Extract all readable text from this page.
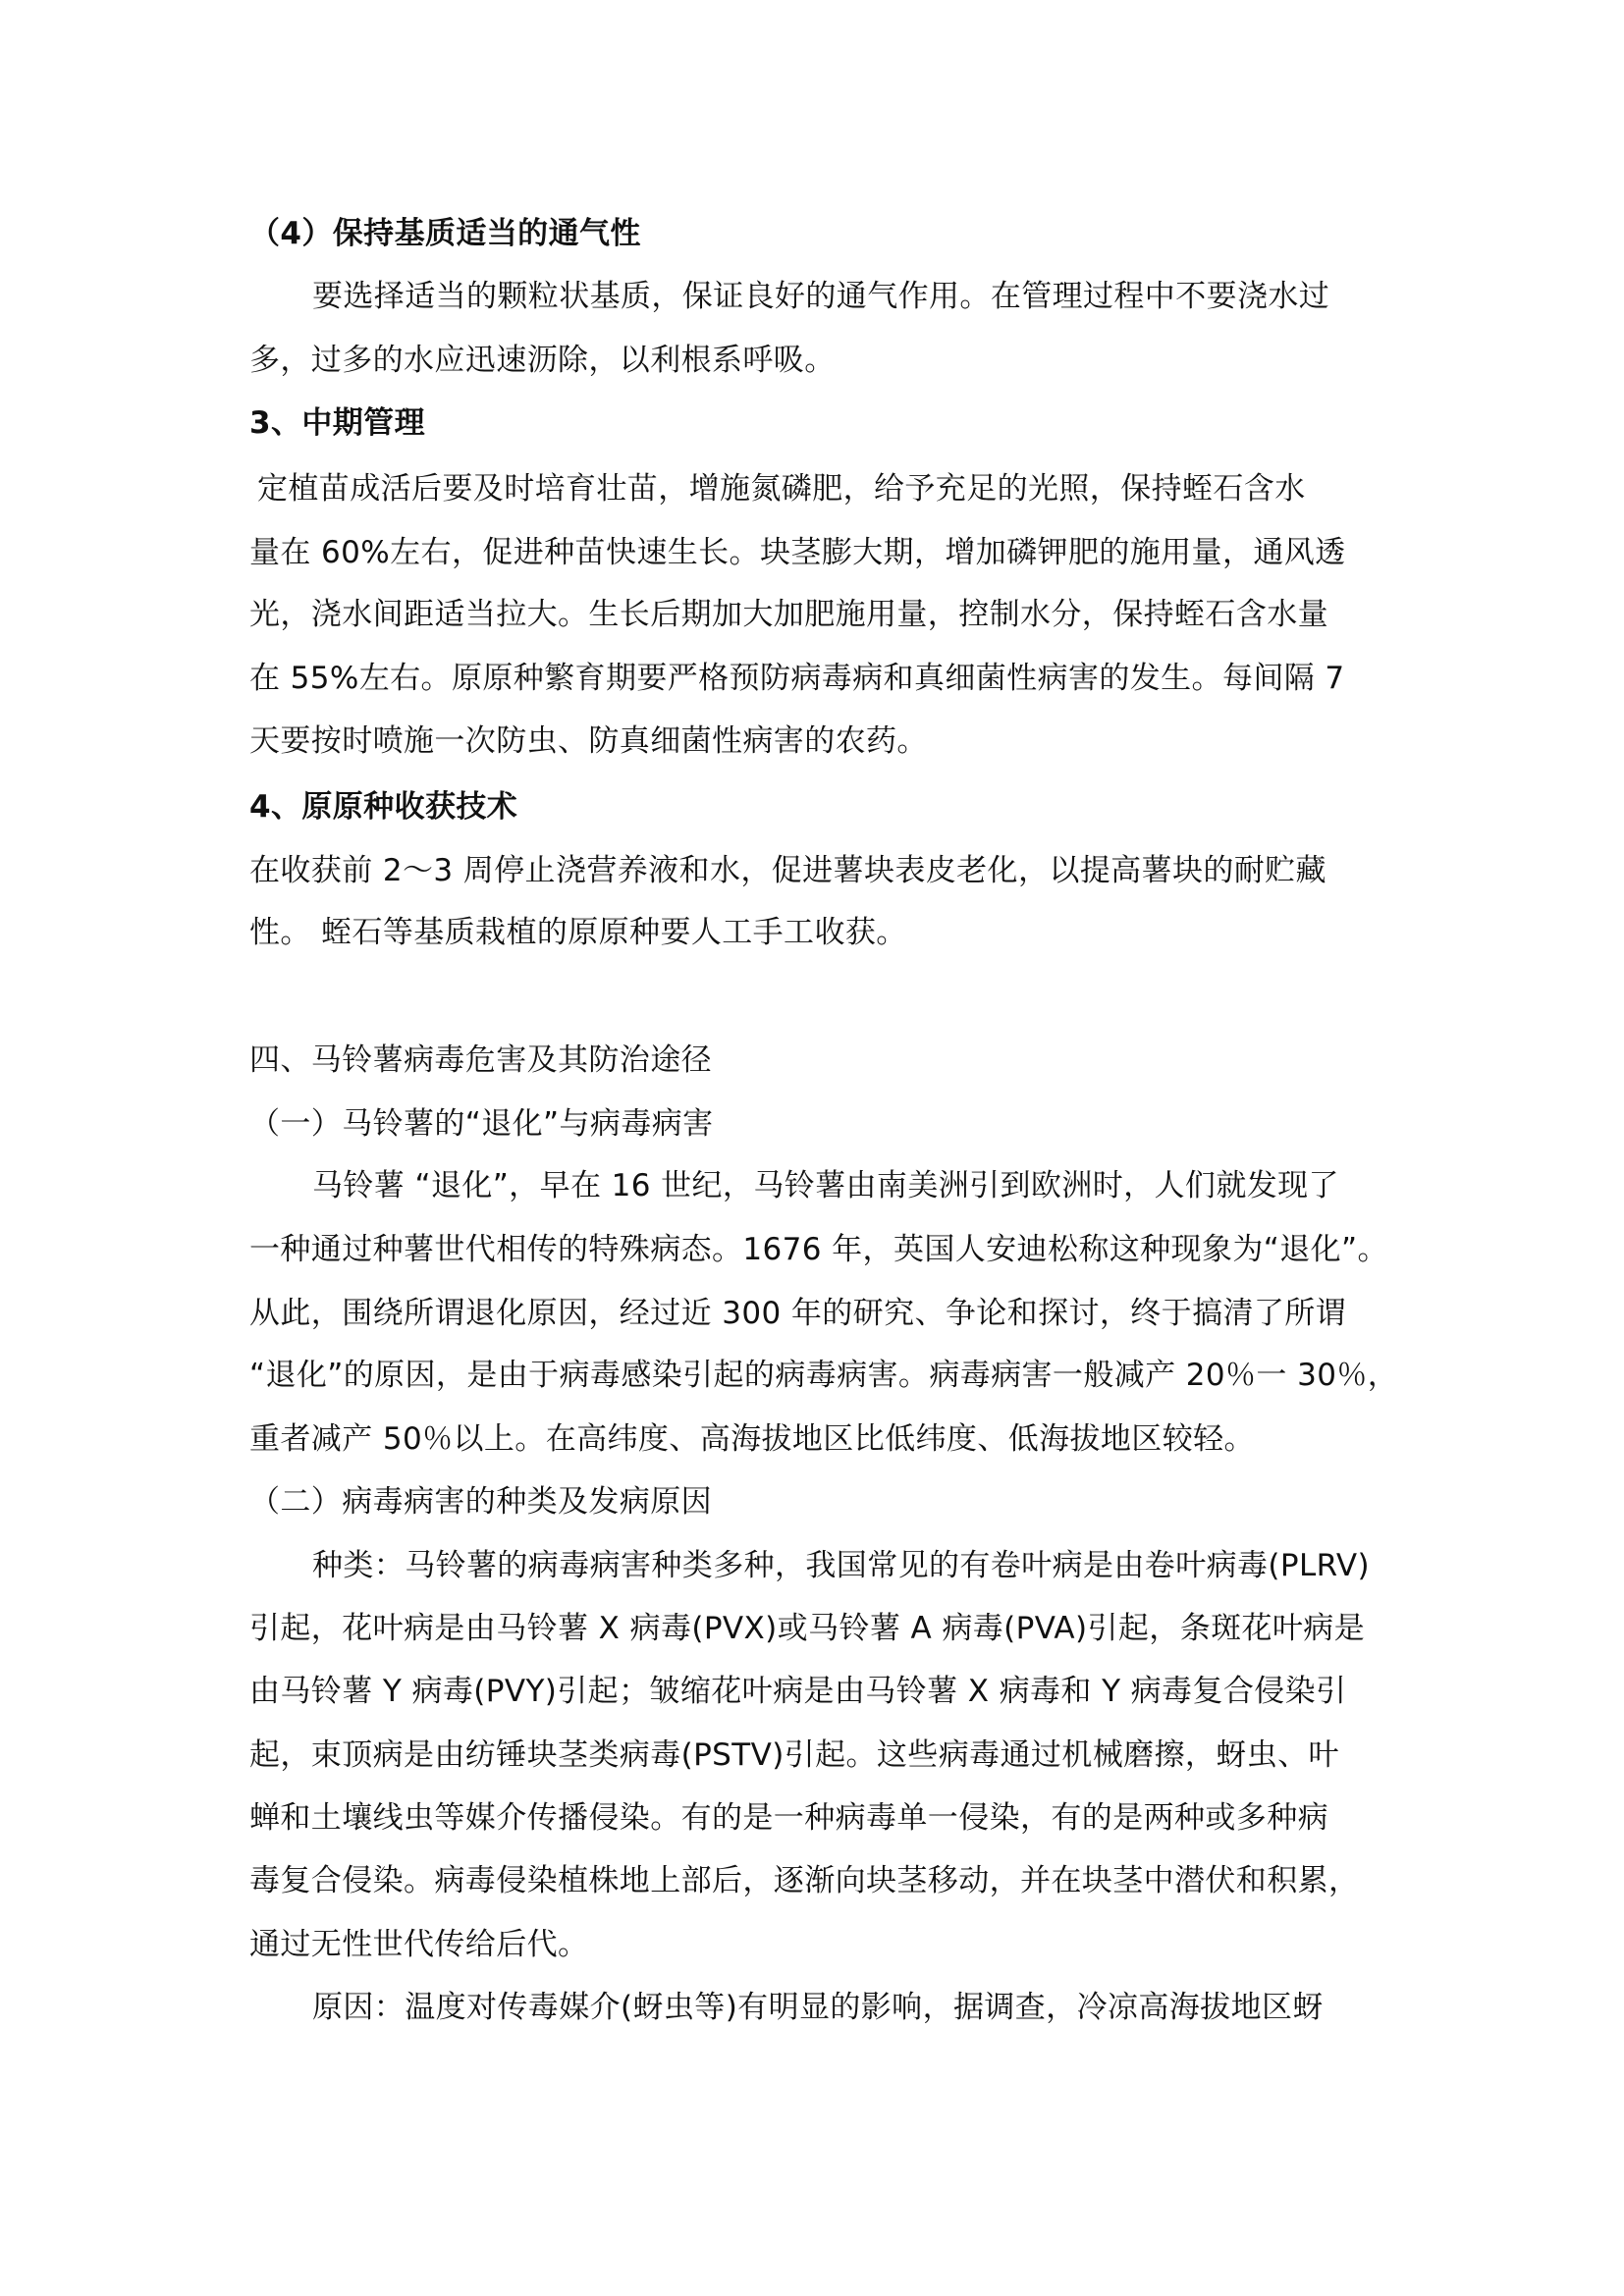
（4）保持基质适当的通气性
要选择适当的颗粒状基质，保证良好的通气作用。在管理过程中不要浇水过
多，过多的水应迅速沥除，以利根系呼吸。
3、中期管理
定植苗成活后要及时培育壮苗，增施氮磷肥，给予充足的光照，保持蛭石含水
量在 60%左右，促进种苗快速生长。块茎膨大期，增加磷钾肥的施用量，通风透
光，浇水间距适当拉大。生长后期加大加肥施用量，控制水分，保持蛭石含水量
在 55%左右。原原种繁育期要严格预防病毒病和真细菌性病害的发生。每间隔 7
天要按时喷施一次防虫、防真细菌性病害的农药。
4、原原种收获技术
在收获前 2～3 周停止浇营养液和水，促进薯块表皮老化，以提高薯块的耐贮藏
性。 蛭石等基质栽植的原原种要人工手工收获。
四、马铃薯病毒危害及其防治途径
（一）马铃薯的“退化”与病毒病害
马铃薯 “退化”，早在 16 世纪，马铃薯由南美洲引到欧洲时，人们就发现了
一种通过种薯世代相传的特殊病态。1676 年，英国人安迪松称这种现象为“退化”。
从此，围绕所谓退化原因，经过近 300 年的研究、争论和探讨，终于搞清了所谓
“退化”的原因，是由于病毒感染引起的病毒病害。病毒病害一般减产 20％一 30％，
重者减产 50％以上。在高纬度、高海拔地区比低纬度、低海拔地区较轻。
（二）病毒病害的种类及发病原因
种类：马铃薯的病毒病害种类多种，我国常见的有卷叶病是由卷叶病毒(PLRV)
引起，花叶病是由马铃薯 X 病毒(PVX)或马铃薯 A 病毒(PVA)引起，条斑花叶病是
由马铃薯 Y 病毒(PVY)引起；皱缩花叶病是由马铃薯 X 病毒和 Y 病毒复合侵染引
起，束顶病是由纺锤块茎类病毒(PSTV)引起。这些病毒通过机械磨擦，蚜虫、叶
蝉和土壤线虫等媒介传播侵染。有的是一种病毒单一侵染，有的是两种或多种病
毒复合侵染。病毒侵染植株地上部后，逐渐向块茎移动，并在块茎中潜伏和积累，
通过无性世代传给后代。
原因：温度对传毒媒介(蚜虫等)有明显的影响，据调查，冷凉高海拔地区蚜
